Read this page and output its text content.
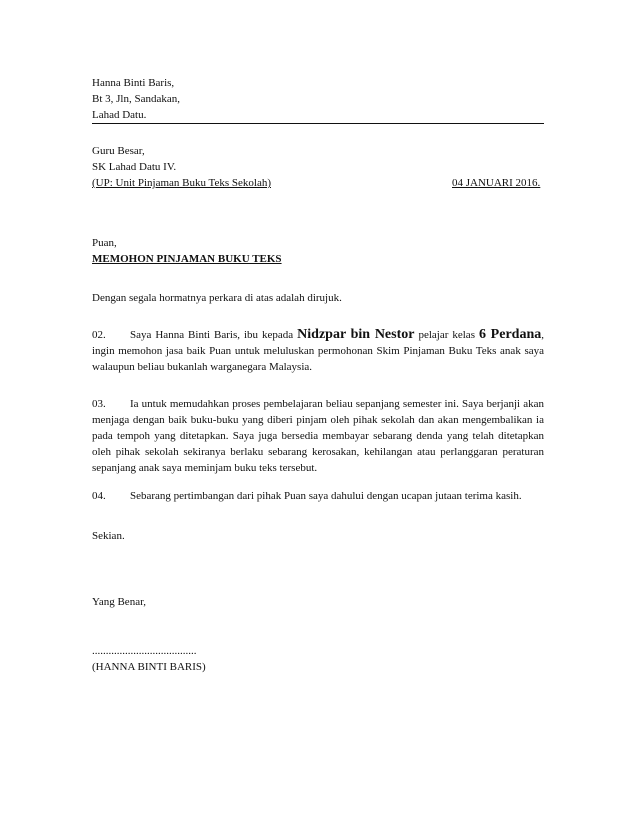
Hanna Binti Baris,
Bt 3, Jln, Sandakan,
Lahad Datu.
Guru Besar,
SK Lahad Datu IV.
(UP: Unit Pinjaman Buku Teks Sekolah)	04 JANUARI 2016.
Puan,
MEMOHON PINJAMAN BUKU TEKS
Dengan segala hormatnya perkara di atas adalah dirujuk.
02. Saya Hanna Binti Baris, ibu kepada Nidzpar bin Nestor pelajar kelas 6 Perdana, ingin memohon jasa baik Puan untuk meluluskan permohonan Skim Pinjaman Buku Teks anak saya walaupun beliau bukanlah warganegara Malaysia.
03. Ia untuk memudahkan proses pembelajaran beliau sepanjang semester ini. Saya berjanji akan menjaga dengan baik buku-buku yang diberi pinjam oleh pihak sekolah dan akan mengembalikan ia pada tempoh yang ditetapkan. Saya juga bersedia membayar sebarang denda yang telah ditetapkan oleh pihak sekolah sekiranya berlaku sebarang kerosakan, kehilangan atau perlanggaran peraturan sepanjang anak saya meminjam buku teks tersebut.
04. Sebarang pertimbangan dari pihak Puan saya dahului dengan ucapan jutaan terima kasih.
Sekian.
Yang Benar,
......................................
(HANNA BINTI BARIS)
